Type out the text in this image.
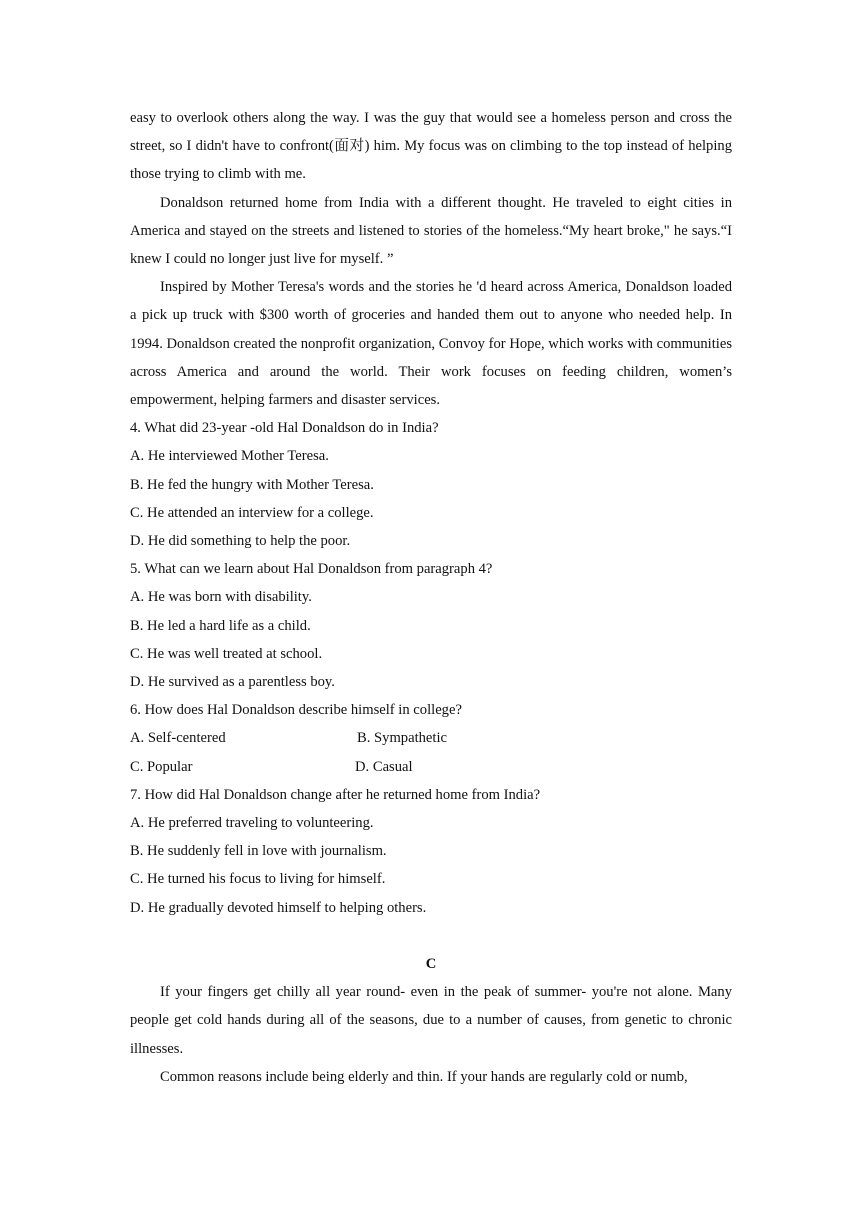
easy to overlook others along the way. I was the guy that would see a homeless person and cross the street, so I didn't have to confront(面对) him. My focus was on climbing to the top instead of helping those trying to climb with me.

Donaldson returned home from India with a different thought. He traveled to eight cities in America and stayed on the streets and listened to stories of the homeless.“My heart broke," he says.“I knew I could no longer just live for myself. ”

Inspired by Mother Teresa's words and the stories he 'd heard across America, Donaldson loaded a pick up truck with $300 worth of groceries and handed them out to anyone who needed help. In 1994. Donaldson created the nonprofit organization, Convoy for Hope, which works with communities across America and around the world. Their work focuses on feeding children, women’s empowerment, helping farmers and disaster services.

4. What did 23-year -old Hal Donaldson do in India?

A. He interviewed Mother Teresa.

B. He fed the hungry with Mother Teresa.

C. He attended an interview for a college.

D. He did something to help the poor.

5. What can we learn about Hal Donaldson from paragraph 4?

A. He was born with disability.

B. He led a hard life as a child.

C. He was well treated at school.

D. He survived as a parentless boy.

6. How does Hal Donaldson describe himself in college?

A. Self-centered	B. Sympathetic
C. Popular	D. Casual

7. How did Hal Donaldson change after he returned home from India?

A. He preferred traveling to volunteering.

B. He suddenly fell in love with journalism.

C. He turned his focus to living for himself.

D. He gradually devoted himself to helping others.

C

If your fingers get chilly all year round- even in the peak of summer- you're not alone. Many people get cold hands during all of the seasons, due to a number of causes, from genetic to chronic illnesses.

Common reasons include being elderly and thin. If your hands are regularly cold or numb,
